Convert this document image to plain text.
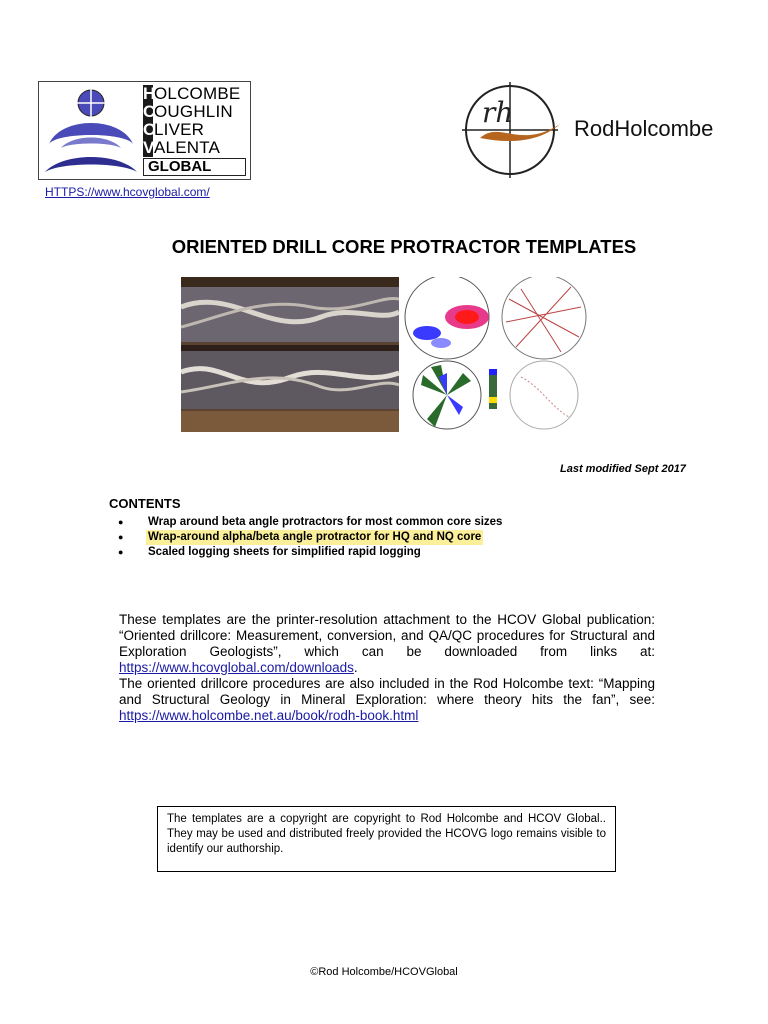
HOLCOMBE
COUGHLIN
OLIVER
VALENTA
GLOBAL
rh	RodHolcombe
HTTPS://www.hcovglobal.com/
ORIENTED DRILL CORE PROTRACTOR TEMPLATES
Last modified Sept 2017
CONTENTS
● Wrap around beta angle protractors for most common core sizes
● Wrap-around alpha/beta angle protractor for HQ and NQ core
● Scaled logging sheets for simplified rapid logging

These templates are the printer-resolution attachment to the HCOV Global publication: “Oriented drillcore: Measurement, conversion, and QA/QC procedures for Structural and Exploration Geologists”, which can be downloaded from links at: https://www.hcovglobal.com/downloads.

The oriented drillcore procedures are also included in the Rod Holcombe text: “Mapping and Structural Geology in Mineral Exploration: where theory hits the fan”, see: https://www.holcombe.net.au/book/rodh-book.html

The templates are a copyright are copyright to Rod Holcombe and HCOV Global.. They may be used and distributed freely provided the HCOVG logo remains visible to identify our authorship.
©Rod Holcombe/HCOVGlobal
